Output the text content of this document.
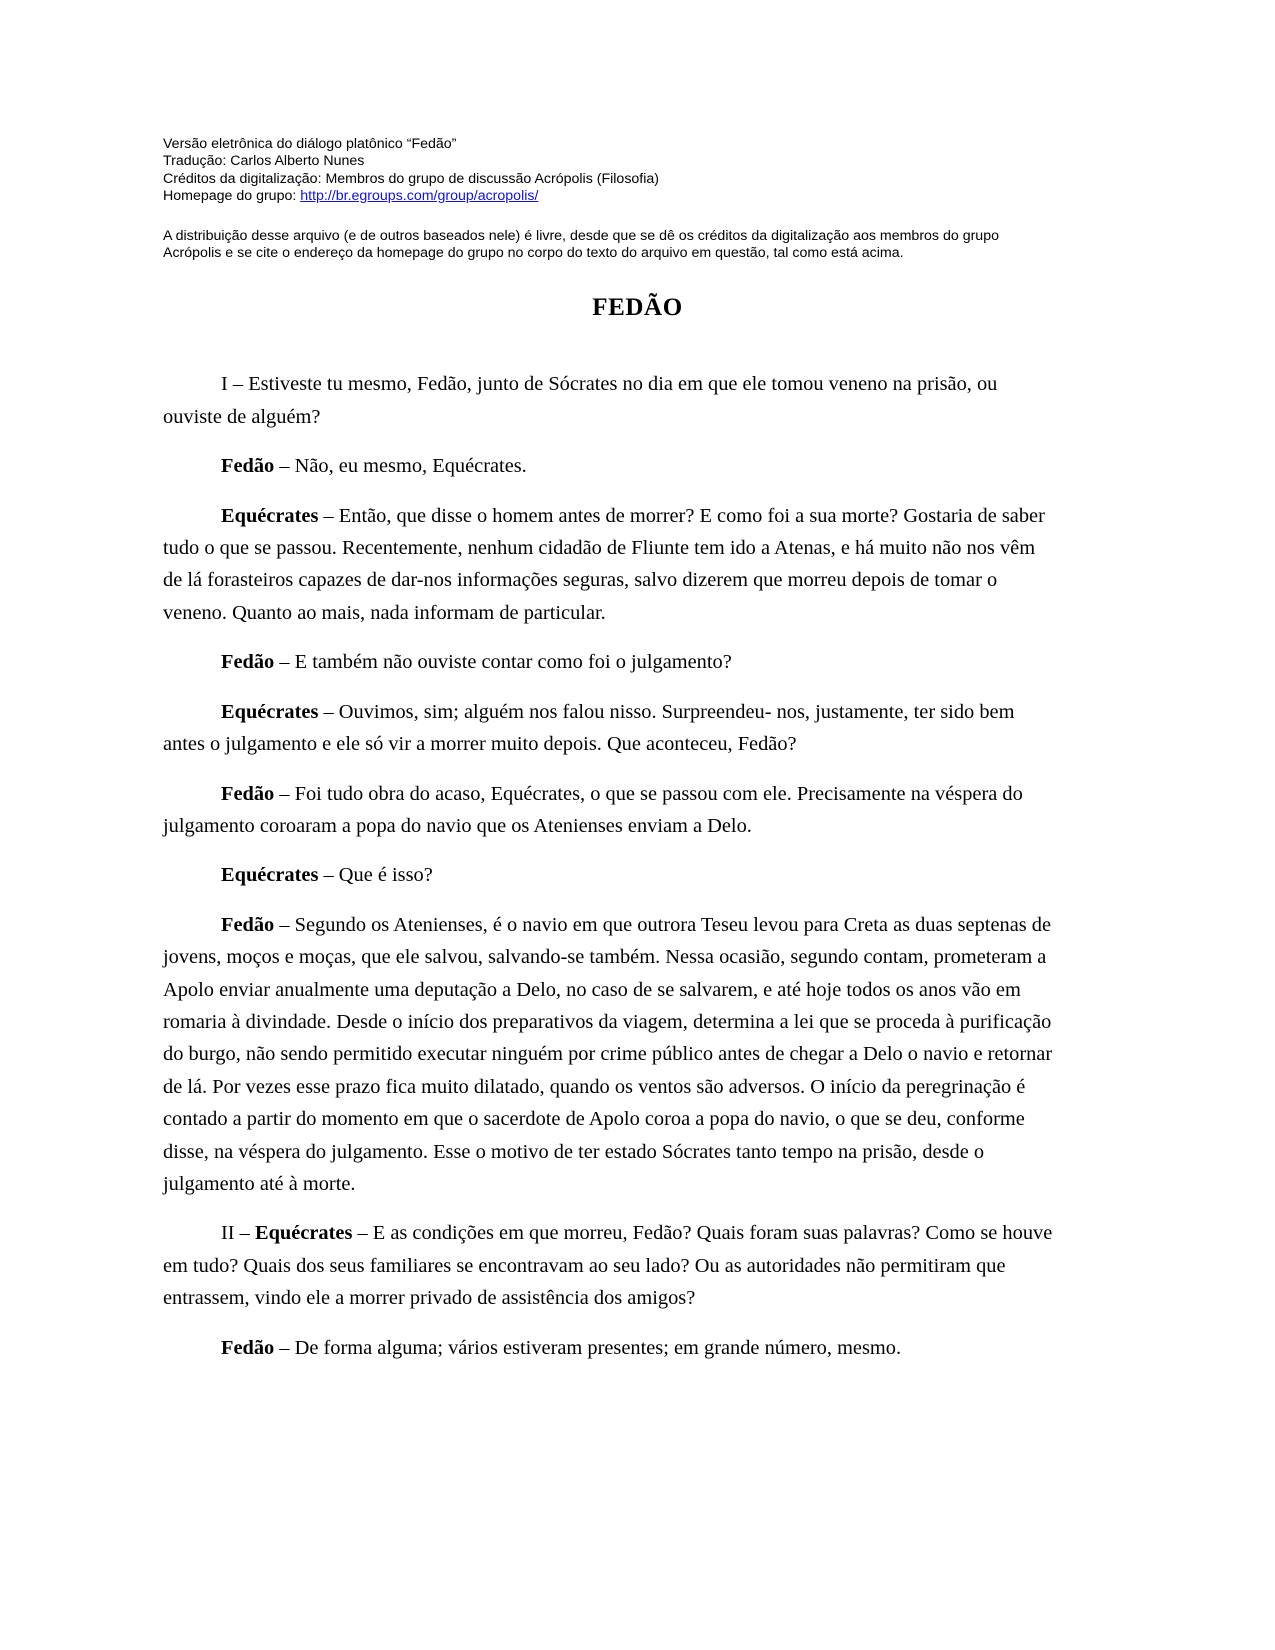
Versão eletrônica do diálogo platônico “Fedão”
Tradução: Carlos Alberto Nunes
Créditos da digitalização: Membros do grupo de discussão Acrópolis (Filosofia)
Homepage do grupo: http://br.egroups.com/group/acropolis/
A distribuição desse arquivo (e de outros baseados nele) é livre, desde que se dê os créditos da digitalização aos membros do grupo Acrópolis e se cite o endereço da homepage do grupo no corpo do texto do arquivo em questão, tal como está acima.
FEDÃO

I – Estiveste tu mesmo, Fedão, junto de Sócrates no dia em que ele tomou veneno na prisão, ou ouviste de alguém?

Fedão – Não, eu mesmo, Equécrates.

Equécrates – Então, que disse o homem antes de morrer? E como foi a sua morte? Gostaria de saber tudo o que se passou. Recentemente, nenhum cidadão de Fliunte tem ido a Atenas, e há muito não nos vêm de lá forasteiros capazes de dar-nos informações seguras, salvo dizerem que morreu depois de tomar o veneno. Quanto ao mais, nada informam de particular.

Fedão – E também não ouviste contar como foi o julgamento?

Equécrates – Ouvimos, sim; alguém nos falou nisso. Surpreendeu- nos, justamente, ter sido bem antes o julgamento e ele só vir a morrer muito depois. Que aconteceu, Fedão?

Fedão – Foi tudo obra do acaso, Equécrates, o que se passou com ele. Precisamente na véspera do julgamento coroaram a popa do navio que os Atenienses enviam a Delo.

Equécrates – Que é isso?

Fedão – Segundo os Atenienses, é o navio em que outrora Teseu levou para Creta as duas septenas de jovens, moços e moças, que ele salvou, salvando-se também. Nessa ocasião, segundo contam, prometeram a Apolo enviar anualmente uma deputação a Delo, no caso de se salvarem, e até hoje todos os anos vão em romaria à divindade. Desde o início dos preparativos da viagem, determina a lei que se proceda à purificação do burgo, não sendo permitido executar ninguém por crime público antes de chegar a Delo o navio e retornar de lá. Por vezes esse prazo fica muito dilatado, quando os ventos são adversos. O início da peregrinação é contado a partir do momento em que o sacerdote de Apolo coroa a popa do navio, o que se deu, conforme disse, na véspera do julgamento. Esse o motivo de ter estado Sócrates tanto tempo na prisão, desde o julgamento até à morte.

II – Equécrates – E as condições em que morreu, Fedão? Quais foram suas palavras? Como se houve em tudo? Quais dos seus familiares se encontravam ao seu lado? Ou as autoridades não permitiram que entrassem, vindo ele a morrer privado de assistência dos amigos?

Fedão – De forma alguma; vários estiveram presentes; em grande número, mesmo.
